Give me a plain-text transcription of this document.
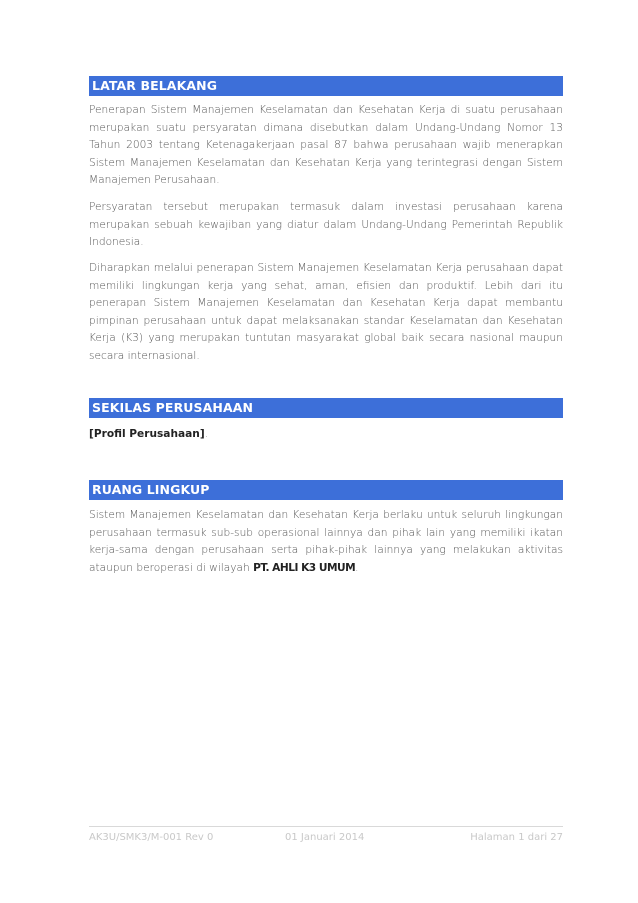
LATAR BELAKANG

Penerapan Sistem Manajemen Keselamatan dan Kesehatan Kerja di suatu perusahaan merupakan suatu persyaratan dimana disebutkan dalam Undang-Undang Nomor 13 Tahun 2003 tentang Ketenagakerjaan pasal 87 bahwa perusahaan wajib menerapkan Sistem Manajemen Keselamatan dan Kesehatan Kerja yang terintegrasi dengan Sistem Manajemen Perusahaan.

Persyaratan tersebut merupakan termasuk dalam investasi perusahaan karena merupakan sebuah kewajiban yang diatur dalam Undang-Undang Pemerintah Republik Indonesia.

Diharapkan melalui penerapan Sistem Manajemen Keselamatan Kerja perusahaan dapat memiliki lingkungan kerja yang sehat, aman, efisien dan produktif. Lebih dari itu penerapan Sistem Manajemen Keselamatan dan Kesehatan Kerja dapat membantu pimpinan perusahaan untuk dapat melaksanakan standar Keselamatan dan Kesehatan Kerja (K3) yang merupakan tuntutan masyarakat global baik secara nasional maupun secara internasional.

SEKILAS PERUSAHAAN

[Profil Perusahaan].

RUANG LINGKUP

Sistem Manajemen Keselamatan dan Kesehatan Kerja berlaku untuk seluruh lingkungan perusahaan termasuk sub-sub operasional lainnya dan pihak lain yang memiliki ikatan kerja-sama dengan perusahaan serta pihak-pihak lainnya yang melakukan aktivitas ataupun beroperasi di wilayah PT. AHLI K3 UMUM.

AK3U/SMK3/M-001 Rev 0	01 Januari 2014	Halaman 1 dari 27
